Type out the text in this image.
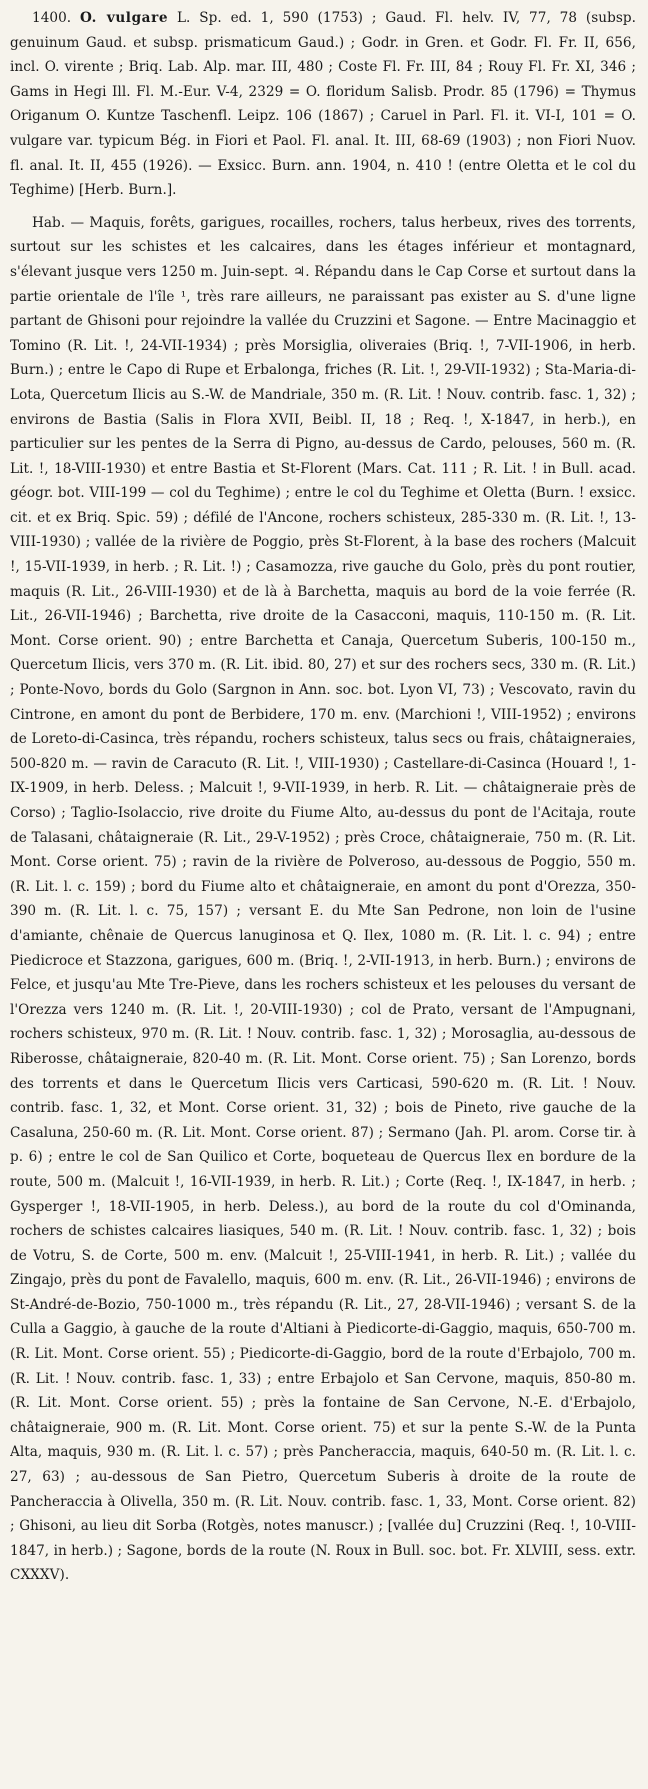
1400. O. vulgare L. Sp. ed. 1, 590 (1753) ; Gaud. Fl. helv. IV, 77, 78 (subsp. genuinum Gaud. et subsp. prismaticum Gaud.) ; Godr. in Gren. et Godr. Fl. Fr. II, 656, incl. O. virente ; Briq. Lab. Alp. mar. III, 480 ; Coste Fl. Fr. III, 84 ; Rouy Fl. Fr. XI, 346 ; Gams in Hegi Ill. Fl. M.-Eur. V-4, 2329 = O. floridum Salisb. Prodr. 85 (1796) = Thymus Origanum O. Kuntze Taschenfl. Leipz. 106 (1867) ; Caruel in Parl. Fl. it. VI-I, 101 = O. vulgare var. typicum Bég. in Fiori et Paol. Fl. anal. It. III, 68-69 (1903) ; non Fiori Nuov. fl. anal. It. II, 455 (1926). — Exsicc. Burn. ann. 1904, n. 410 ! (entre Oletta et le col du Teghime) [Herb. Burn.].

Hab. — Maquis, forêts, garigues, rocailles, rochers, talus herbeux, rives des torrents, surtout sur les schistes et les calcaires, dans les étages inférieur et montagnard, s'élevant jusque vers 1250 m. Juin-sept. ♃. Répandu dans le Cap Corse et surtout dans la partie orientale de l'île ¹, très rare ailleurs, ne paraissant pas exister au S. d'une ligne partant de Ghisoni pour rejoindre la vallée du Cruzzini et Sagone. — Entre Macinaggio et Tomino (R. Lit. !, 24-VII-1934) ; près Morsiglia, oliveraies (Briq. !, 7-VII-1906, in herb. Burn.) ; entre le Capo di Rupe et Erbalonga, friches (R. Lit. !, 29-VII-1932) ; Sta-Maria-di-Lota, Quercetum Ilicis au S.-W. de Mandriale, 350 m. (R. Lit. ! Nouv. contrib. fasc. 1, 32) ; environs de Bastia (Salis in Flora XVII, Beibl. II, 18 ; Req. !, X-1847, in herb.), en particulier sur les pentes de la Serra di Pigno, au-dessus de Cardo, pelouses, 560 m. (R. Lit. !, 18-VIII-1930) et entre Bastia et St-Florent (Mars. Cat. 111 ; R. Lit. ! in Bull. acad. géogr. bot. VIII-199 — col du Teghime) ; entre le col du Teghime et Oletta (Burn. ! exsicc. cit. et ex Briq. Spic. 59) ; défilé de l'Ancone, rochers schisteux, 285-330 m. (R. Lit. !, 13-VIII-1930) ; vallée de la rivière de Poggio, près St-Florent, à la base des rochers (Malcuit !, 15-VII-1939, in herb. ; R. Lit. !) ; Casamozza, rive gauche du Golo, près du pont routier, maquis (R. Lit., 26-VIII-1930) et de là à Barchetta, maquis au bord de la voie ferrée (R. Lit., 26-VII-1946) ; Barchetta, rive droite de la Casacconi, maquis, 110-150 m. (R. Lit. Mont. Corse orient. 90) ; entre Barchetta et Canaja, Quercetum Suberis, 100-150 m., Quercetum Ilicis, vers 370 m. (R. Lit. ibid. 80, 27) et sur des rochers secs, 330 m. (R. Lit.) ; Ponte-Novo, bords du Golo (Sargnon in Ann. soc. bot. Lyon VI, 73) ; Vescovato, ravin du Cintrone, en amont du pont de Berbidere, 170 m. env. (Marchioni !, VIII-1952) ; environs de Loreto-di-Casinca, très répandu, rochers schisteux, talus secs ou frais, châtaigneraies, 500-820 m. — ravin de Caracuto (R. Lit. !, VIII-1930) ; Castellare-di-Casinca (Houard !, 1-IX-1909, in herb. Deless. ; Malcuit !, 9-VII-1939, in herb. R. Lit. — châtaigneraie près de Corso) ; Taglio-Isolaccio, rive droite du Fiume Alto, au-dessus du pont de l'Acitaja, route de Talasani, châtaigneraie (R. Lit., 29-V-1952) ; près Croce, châtaigneraie, 750 m. (R. Lit. Mont. Corse orient. 75) ; ravin de la rivière de Polveroso, au-dessous de Poggio, 550 m. (R. Lit. l. c. 159) ; bord du Fiume alto et châtaigneraie, en amont du pont d'Orezza, 350-390 m. (R. Lit. l. c. 75, 157) ; versant E. du Mte San Pedrone, non loin de l'usine d'amiante, chênaie de Quercus lanuginosa et Q. Ilex, 1080 m. (R. Lit. l. c. 94) ; entre Piedicroce et Stazzona, garigues, 600 m. (Briq. !, 2-VII-1913, in herb. Burn.) ; environs de Felce, et jusqu'au Mte Tre-Pieve, dans les rochers schisteux et les pelouses du versant de l'Orezza vers 1240 m. (R. Lit. !, 20-VIII-1930) ; col de Prato, versant de l'Ampugnani, rochers schisteux, 970 m. (R. Lit. ! Nouv. contrib. fasc. 1, 32) ; Morosaglia, au-dessous de Riberosse, châtaigneraie, 820-40 m. (R. Lit. Mont. Corse orient. 75) ; San Lorenzo, bords des torrents et dans le Quercetum Ilicis vers Carticasi, 590-620 m. (R. Lit. ! Nouv. contrib. fasc. 1, 32, et Mont. Corse orient. 31, 32) ; bois de Pineto, rive gauche de la Casaluna, 250-60 m. (R. Lit. Mont. Corse orient. 87) ; Sermano (Jah. Pl. arom. Corse tir. à p. 6) ; entre le col de San Quilico et Corte, boqueteau de Quercus Ilex en bordure de la route, 500 m. (Malcuit !, 16-VII-1939, in herb. R. Lit.) ; Corte (Req. !, IX-1847, in herb. ; Gysperger !, 18-VII-1905, in herb. Deless.), au bord de la route du col d'Ominanda, rochers de schistes calcaires liasiques, 540 m. (R. Lit. ! Nouv. contrib. fasc. 1, 32) ; bois de Votru, S. de Corte, 500 m. env. (Malcuit !, 25-VIII-1941, in herb. R. Lit.) ; vallée du Zingajo, près du pont de Favalello, maquis, 600 m. env. (R. Lit., 26-VII-1946) ; environs de St-André-de-Bozio, 750-1000 m., très répandu (R. Lit., 27, 28-VII-1946) ; versant S. de la Culla a Gaggio, à gauche de la route d'Altiani à Piedicorte-di-Gaggio, maquis, 650-700 m. (R. Lit. Mont. Corse orient. 55) ; Piedicorte-di-Gaggio, bord de la route d'Erbajolo, 700 m. (R. Lit. ! Nouv. contrib. fasc. 1, 33) ; entre Erbajolo et San Cervone, maquis, 850-80 m. (R. Lit. Mont. Corse orient. 55) ; près la fontaine de San Cervone, N.-E. d'Erbajolo, châtaigneraie, 900 m. (R. Lit. Mont. Corse orient. 75) et sur la pente S.-W. de la Punta Alta, maquis, 930 m. (R. Lit. l. c. 57) ; près Pancheraccia, maquis, 640-50 m. (R. Lit. l. c. 27, 63) ; au-dessous de San Pietro, Quercetum Suberis à droite de la route de Pancheraccia à Olivella, 350 m. (R. Lit. Nouv. contrib. fasc. 1, 33, Mont. Corse orient. 82) ; Ghisoni, au lieu dit Sorba (Rotgès, notes manuscr.) ; [vallée du] Cruzzini (Req. !, 10-VIII-1847, in herb.) ; Sagone, bords de la route (N. Roux in Bull. soc. bot. Fr. XLVIII, sess. extr. CXXXV).
